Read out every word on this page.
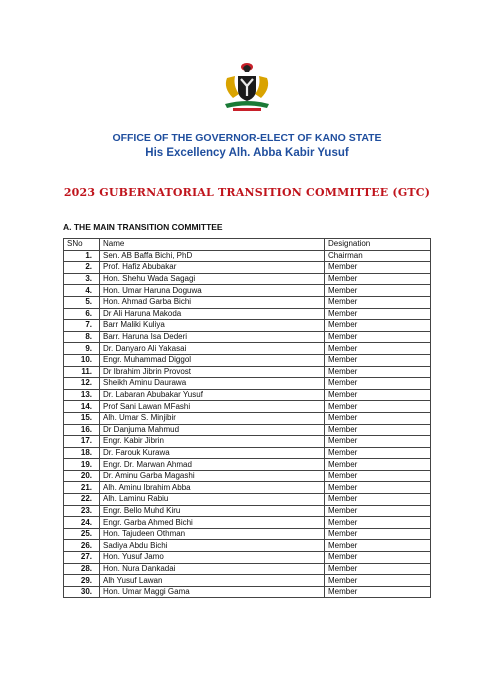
OFFICE OF THE GOVERNOR-ELECT OF KANO STATE
His Excellency Alh. Abba Kabir Yusuf
2023 GUBERNATORIAL TRANSITION COMMITTEE (GTC)
A. THE MAIN TRANSITION COMMITTEE
SNo	Name	Designation
1.	Sen. AB Baffa Bichi, PhD	Chairman
2.	Prof. Hafiz Abubakar	Member
3.	Hon. Shehu Wada Sagagi	Member
4.	Hon. Umar Haruna Doguwa	Member
5.	Hon. Ahmad Garba Bichi	Member
6.	Dr Ali Haruna Makoda	Member
7.	Barr Maliki Kuliya	Member
8.	Barr. Haruna Isa Dederi	Member
9.	Dr. Danyaro Ali Yakasai	Member
10.	Engr. Muhammad Diggol	Member
11.	Dr Ibrahim Jibrin Provost	Member
12.	Sheikh Aminu Daurawa	Member
13.	Dr. Labaran Abubakar Yusuf	Member
14.	Prof Sani Lawan MFashi	Member
15.	Alh. Umar S. Minjibir	Member
16.	Dr Danjuma Mahmud	Member
17.	Engr. Kabir Jibrin	Member
18.	Dr. Farouk Kurawa	Member
19.	Engr. Dr. Marwan Ahmad	Member
20.	Dr. Aminu Garba Magashi	Member
21.	Alh. Aminu Ibrahim Abba	Member
22.	Alh. Laminu Rabiu	Member
23.	Engr. Bello Muhd Kiru	Member
24.	Engr. Garba Ahmed Bichi	Member
25.	Hon. Tajudeen Othman	Member
26.	Sadiya Abdu Bichi	Member
27.	Hon. Yusuf Jamo	Member
28.	Hon. Nura Dankadai	Member
29.	Alh Yusuf Lawan	Member
30.	Hon. Umar Maggi Gama	Member
